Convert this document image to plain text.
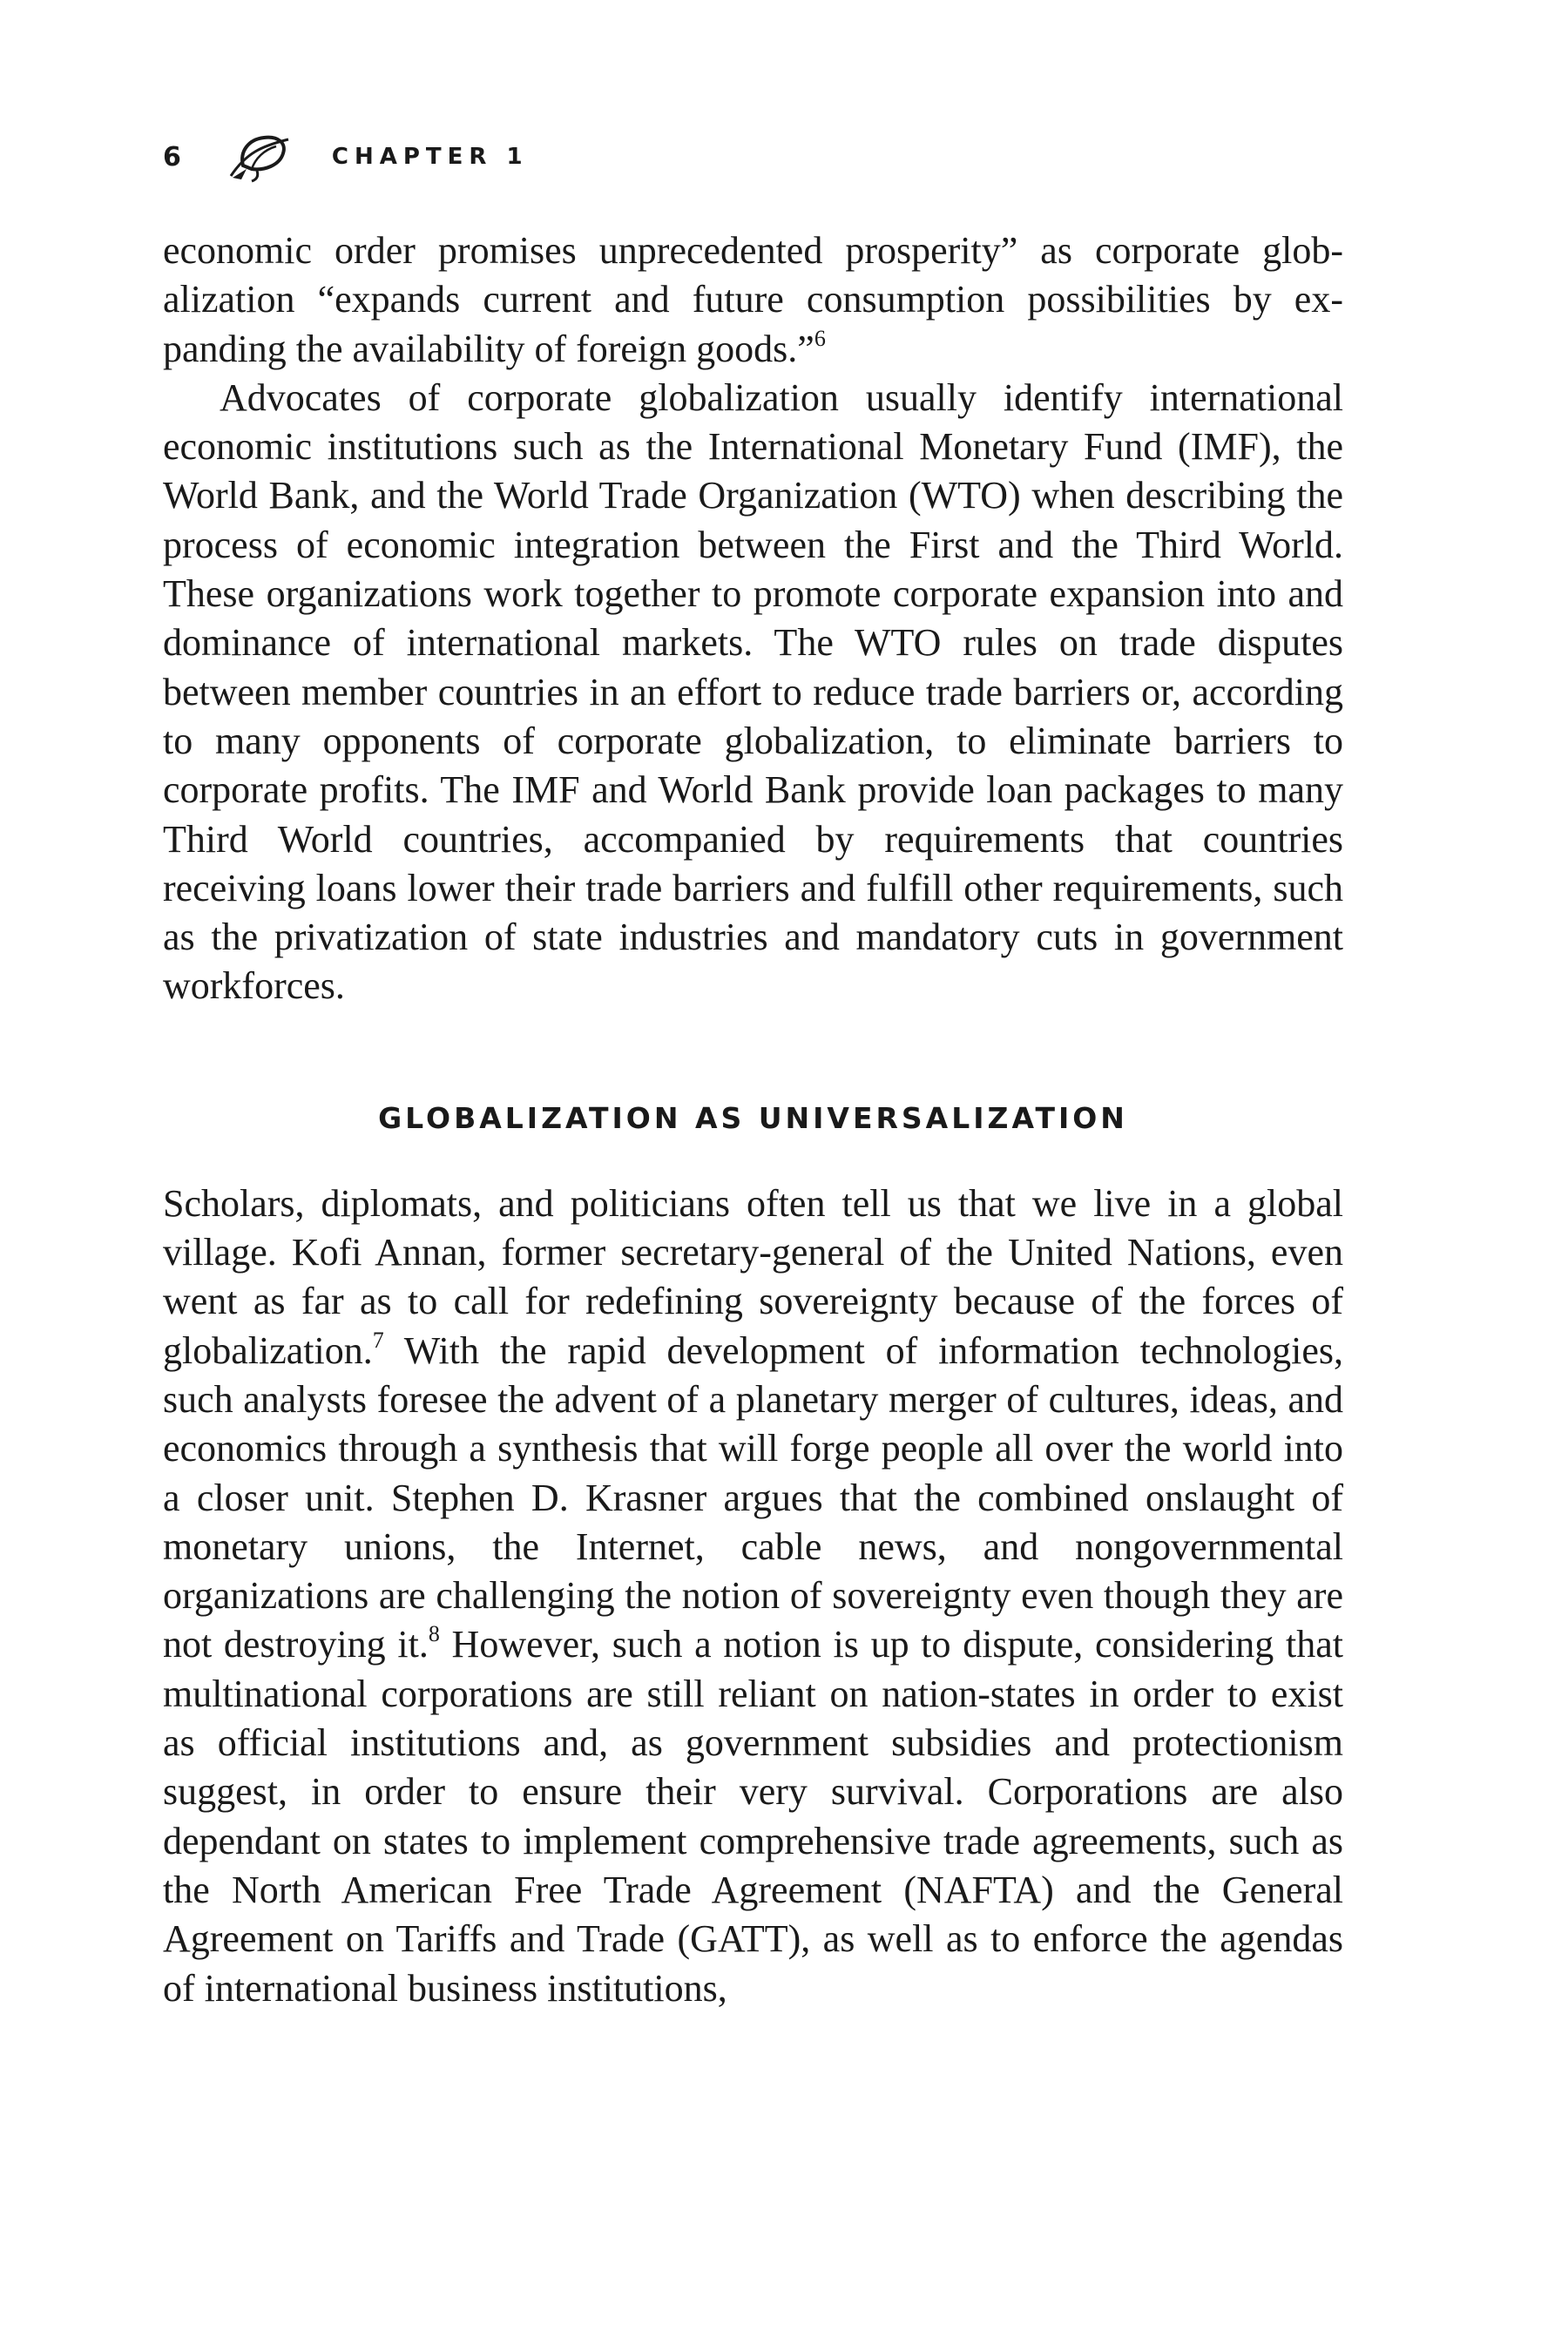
6	CHAPTER 1

economic order promises unprecedented prosperity” as corporate globalization “expands current and future consumption possibilities by expanding the availability of foreign goods.”$^6$

Advocates of corporate globalization usually identify international economic institutions such as the International Monetary Fund (IMF), the World Bank, and the World Trade Organization (WTO) when describing the process of economic integration between the First and the Third World. These organizations work together to promote corporate expansion into and dominance of international markets. The WTO rules on trade disputes between member countries in an effort to reduce trade barriers or, according to many opponents of corporate globalization, to eliminate barriers to corporate profits. The IMF and World Bank provide loan packages to many Third World countries, accompanied by requirements that countries receiving loans lower their trade barriers and fulfill other requirements, such as the privatization of state industries and mandatory cuts in government workforces.

GLOBALIZATION AS UNIVERSALIZATION

Scholars, diplomats, and politicians often tell us that we live in a global village. Kofi Annan, former secretary-general of the United Nations, even went as far as to call for redefining sovereignty because of the forces of globalization.$^7$ With the rapid development of information technologies, such analysts foresee the advent of a planetary merger of cultures, ideas, and economics through a synthesis that will forge people all over the world into a closer unit. Stephen D. Krasner argues that the combined onslaught of monetary unions, the Internet, cable news, and nongovernmental organizations are challenging the notion of sovereignty even though they are not destroying it.$^8$ However, such a notion is up to dispute, considering that multinational corporations are still reliant on nation-states in order to exist as official institutions and, as government subsidies and protectionism suggest, in order to ensure their very survival. Corporations are also dependant on states to implement comprehensive trade agreements, such as the North American Free Trade Agreement (NAFTA) and the General Agreement on Tariffs and Trade (GATT), as well as to enforce the agendas of international business institutions,
